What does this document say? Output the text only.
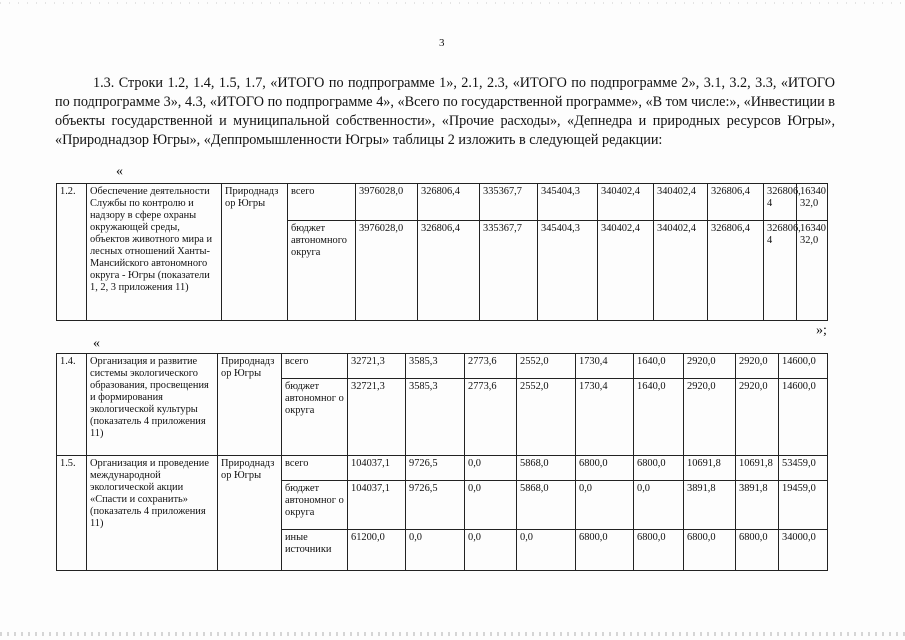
3
1.3. Строки 1.2, 1.4, 1.5, 1.7, «ИТОГО по подпрограмме 1», 2.1, 2.3, «ИТОГО по подпрограмме 2», 3.1, 3.2, 3.3, «ИТОГО по подпрограмме 3», 4.3, «ИТОГО по подпрограмме 4», «Всего по государственной программе», «В том числе:», «Инвестиции в объекты государственной и муниципальной собственности», «Прочие расходы», «Депнедра и природных ресурсов Югры», «Природнадзор Югры», «Деппромышленности Югры» таблицы 2 изложить в следующей редакции:
«
1.2.	Обеспечение деятельности Службы по контролю и надзору в сфере охраны окружающей среды, объектов животного мира и лесных отношений Ханты-Мансийского автономного округа - Югры (показатели 1, 2, 3 приложения 11)	Природнадз ор Югры	всего	3976028,0	326806,4	335367,7	345404,3	340402,4	340402,4	326806,4	326806, 4	16340 32,0
			бюджет автономного округа	3976028,0	326806,4	335367,7	345404,3	340402,4	340402,4	326806,4	326806, 4	16340 32,0
»;
«
1.4.	Организация и развитие системы экологического образования, просвещения и формирования экологической культуры (показатель 4 приложения 11)	Природнадз ор Югры	всего	32721,3	3585,3	2773,6	2552,0	1730,4	1640,0	2920,0	2920,0	14600,0
			бюджет автономног о округа	32721,3	3585,3	2773,6	2552,0	1730,4	1640,0	2920,0	2920,0	14600,0
1.5.	Организация и проведение международной экологической акции «Спасти и сохранить» (показатель 4 приложения 11)	Природнадз ор Югры	всего	104037,1	9726,5	0,0	5868,0	6800,0	6800,0	10691,8	10691,8	53459,0
			бюджет автономног о округа	104037,1	9726,5	0,0	5868,0	0,0	0,0	3891,8	3891,8	19459,0
			иные источники	61200,0	0,0	0,0	0,0	6800,0	6800,0	6800,0	6800,0	34000,0
